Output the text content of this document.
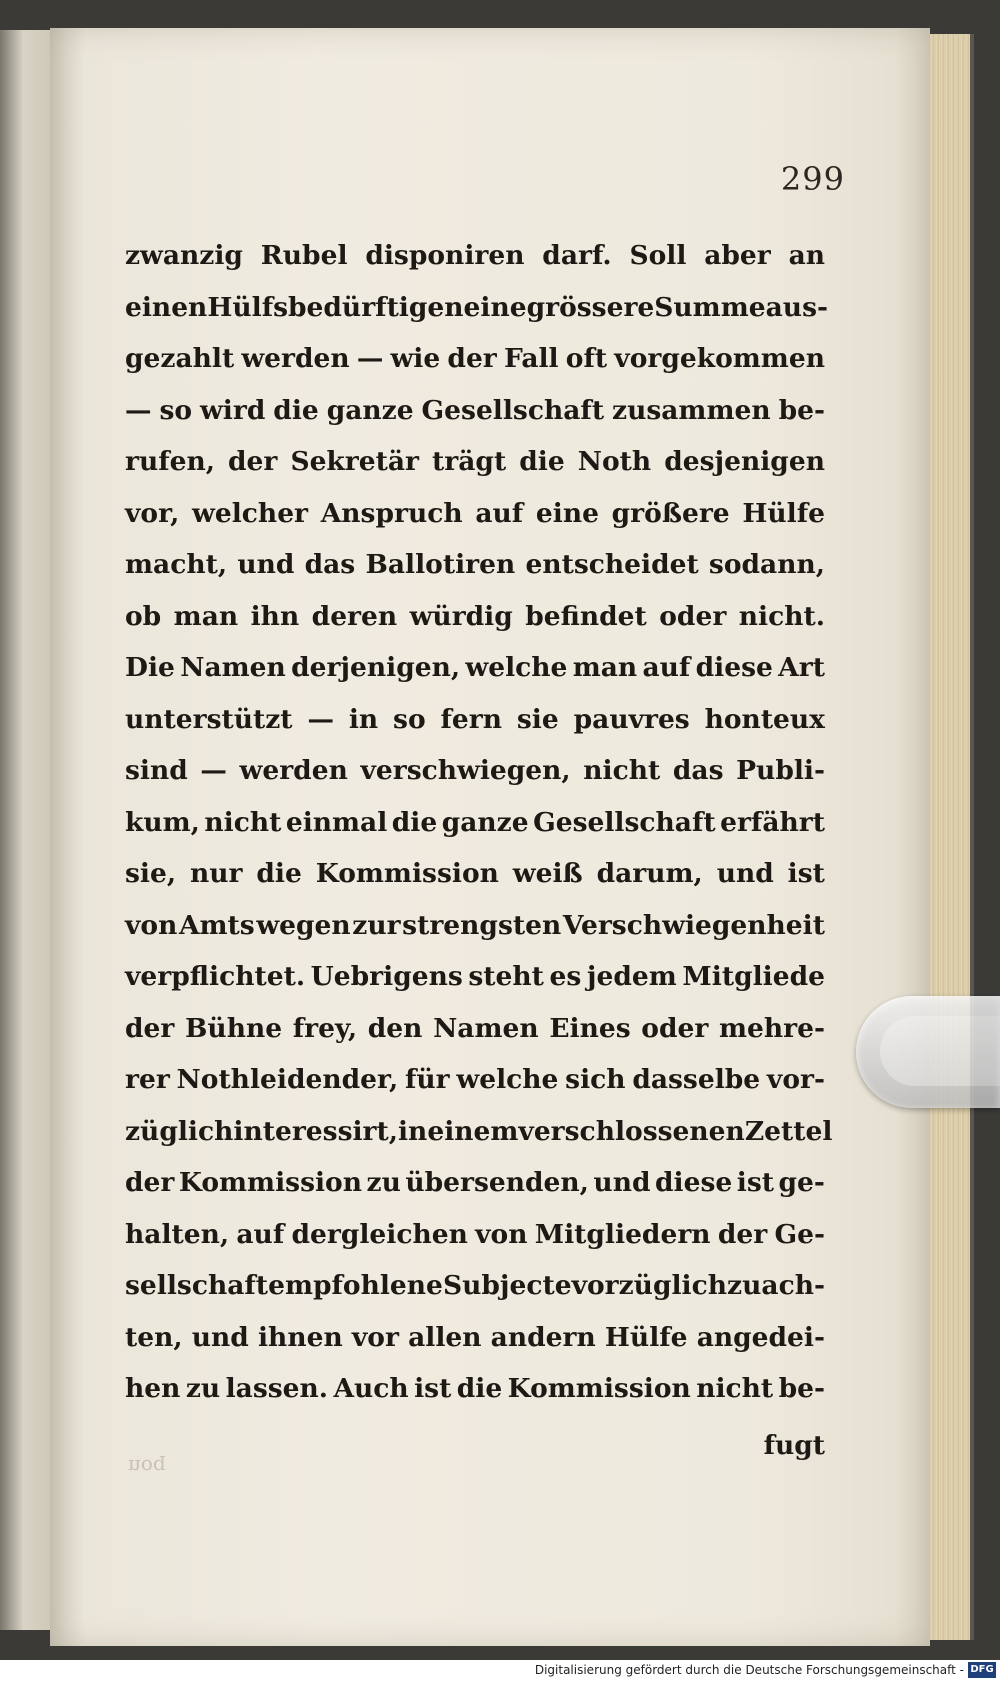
299
zwanzig Rubel disponiren darf. Soll aber an
einen Hülfsbedürftigen eine grössere Summe aus-
gezahlt werden — wie der Fall oft vorgekommen
— so wird die ganze Gesellschaft zusammen be-
rufen, der Sekretär trägt die Noth desjenigen
vor, welcher Anspruch auf eine größere Hülfe
macht, und das Ballotiren entscheidet sodann,
ob man ihn deren würdig befindet oder nicht.
Die Namen derjenigen, welche man auf diese Art
unterstützt — in so fern sie pauvres honteux
sind — werden verschwiegen, nicht das Publi-
kum, nicht einmal die ganze Gesellschaft erfährt
sie, nur die Kommission weiß darum, und ist
von Amts wegen zur strengsten Verschwiegenheit
verpflichtet. Uebrigens steht es jedem Mitgliede
der Bühne frey, den Namen Eines oder mehre-
rer Nothleidender, für welche sich dasselbe vor-
züglich interessirt, in einem verschlossenen Zettel
der Kommission zu übersenden, und diese ist ge-
halten, auf dergleichen von Mitgliedern der Ge-
sellschaft empfohlene Subjecte vorzüglich zu ach-
ten, und ihnen vor allen andern Hülfe angedei-
hen zu lassen. Auch ist die Kommission nicht be-
fugt
noq
Digitalisierung gefördert durch die Deutsche Forschungsgemeinschaft - DFG
